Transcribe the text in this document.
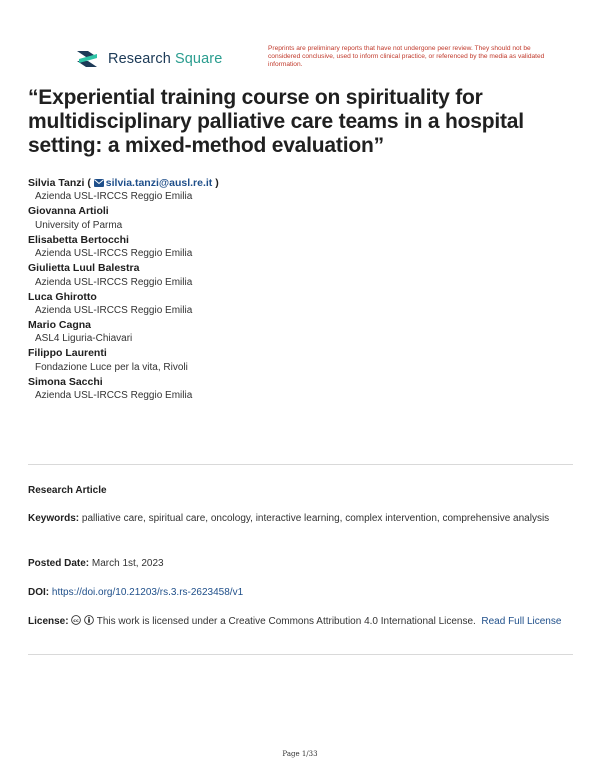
Research Square
Preprints are preliminary reports that have not undergone peer review. They should not be considered conclusive, used to inform clinical practice, or referenced by the media as validated information.
“Experiential training course on spirituality for multidisciplinary palliative care teams in a hospital setting: a mixed-method evaluation”
Silvia Tanzi ( silvia.tanzi@ausl.re.it )
Azienda USL-IRCCS Reggio Emilia
Giovanna Artioli
University of Parma
Elisabetta Bertocchi
Azienda USL-IRCCS Reggio Emilia
Giulietta Luul Balestra
Azienda USL-IRCCS Reggio Emilia
Luca Ghirotto
Azienda USL-IRCCS Reggio Emilia
Mario Cagna
ASL4 Liguria-Chiavari
Filippo Laurenti
Fondazione Luce per la vita, Rivoli
Simona Sacchi
Azienda USL-IRCCS Reggio Emilia
Research Article
Keywords: palliative care, spiritual care, oncology, interactive learning, complex intervention, comprehensive analysis
Posted Date: March 1st, 2023
DOI: https://doi.org/10.21203/rs.3.rs-2623458/v1
License: cc This work is licensed under a Creative Commons Attribution 4.0 International License. Read Full License
Page 1/33
